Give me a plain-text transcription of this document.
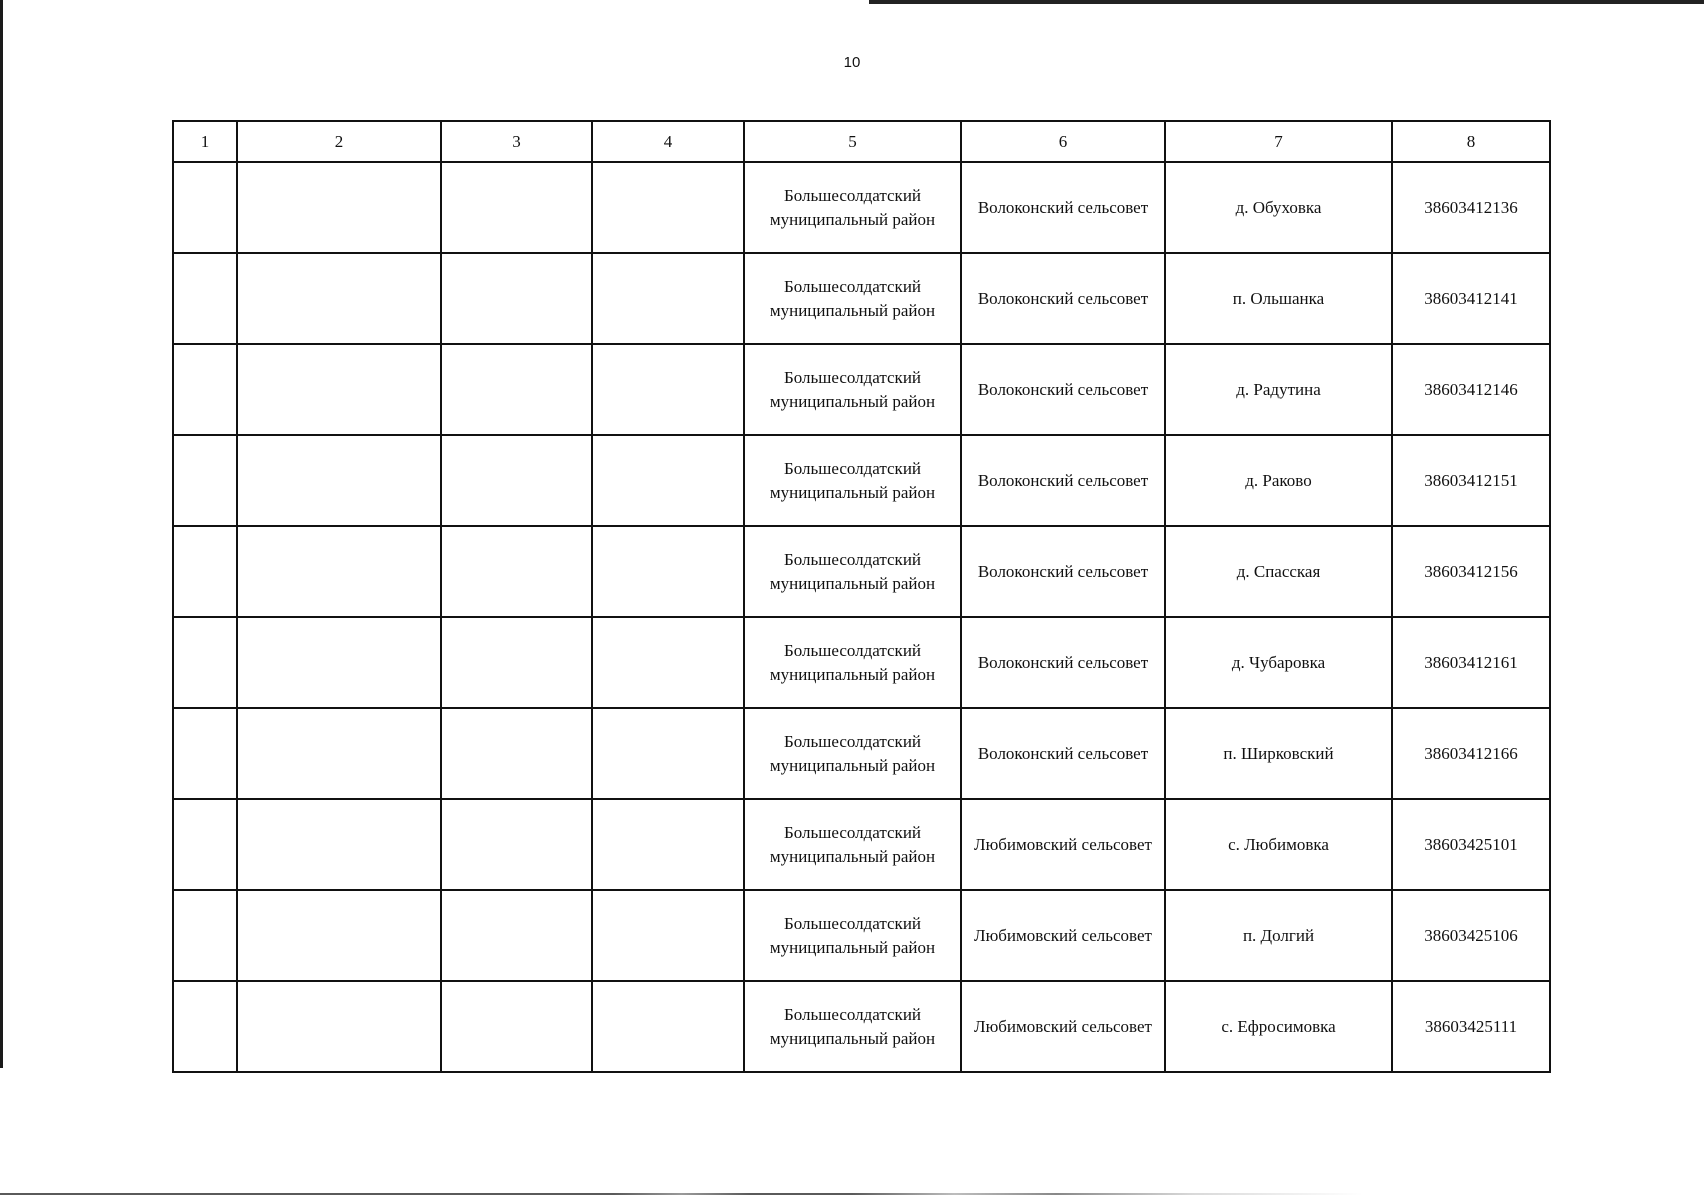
10
1	2	3	4	5	6	7	8
				Большесолдатский муниципальный район	Волоконский сельсовет	д. Обуховка	38603412136
				Большесолдатский муниципальный район	Волоконский сельсовет	п. Ольшанка	38603412141
				Большесолдатский муниципальный район	Волоконский сельсовет	д. Радутина	38603412146
				Большесолдатский муниципальный район	Волоконский сельсовет	д. Раково	38603412151
				Большесолдатский муниципальный район	Волоконский сельсовет	д. Спасская	38603412156
				Большесолдатский муниципальный район	Волоконский сельсовет	д. Чубаровка	38603412161
				Большесолдатский муниципальный район	Волоконский сельсовет	п. Ширковский	38603412166
				Большесолдатский муниципальный район	Любимовский сельсовет	с. Любимовка	38603425101
				Большесолдатский муниципальный район	Любимовский сельсовет	п. Долгий	38603425106
				Большесолдатский муниципальный район	Любимовский сельсовет	с. Ефросимовка	38603425111
